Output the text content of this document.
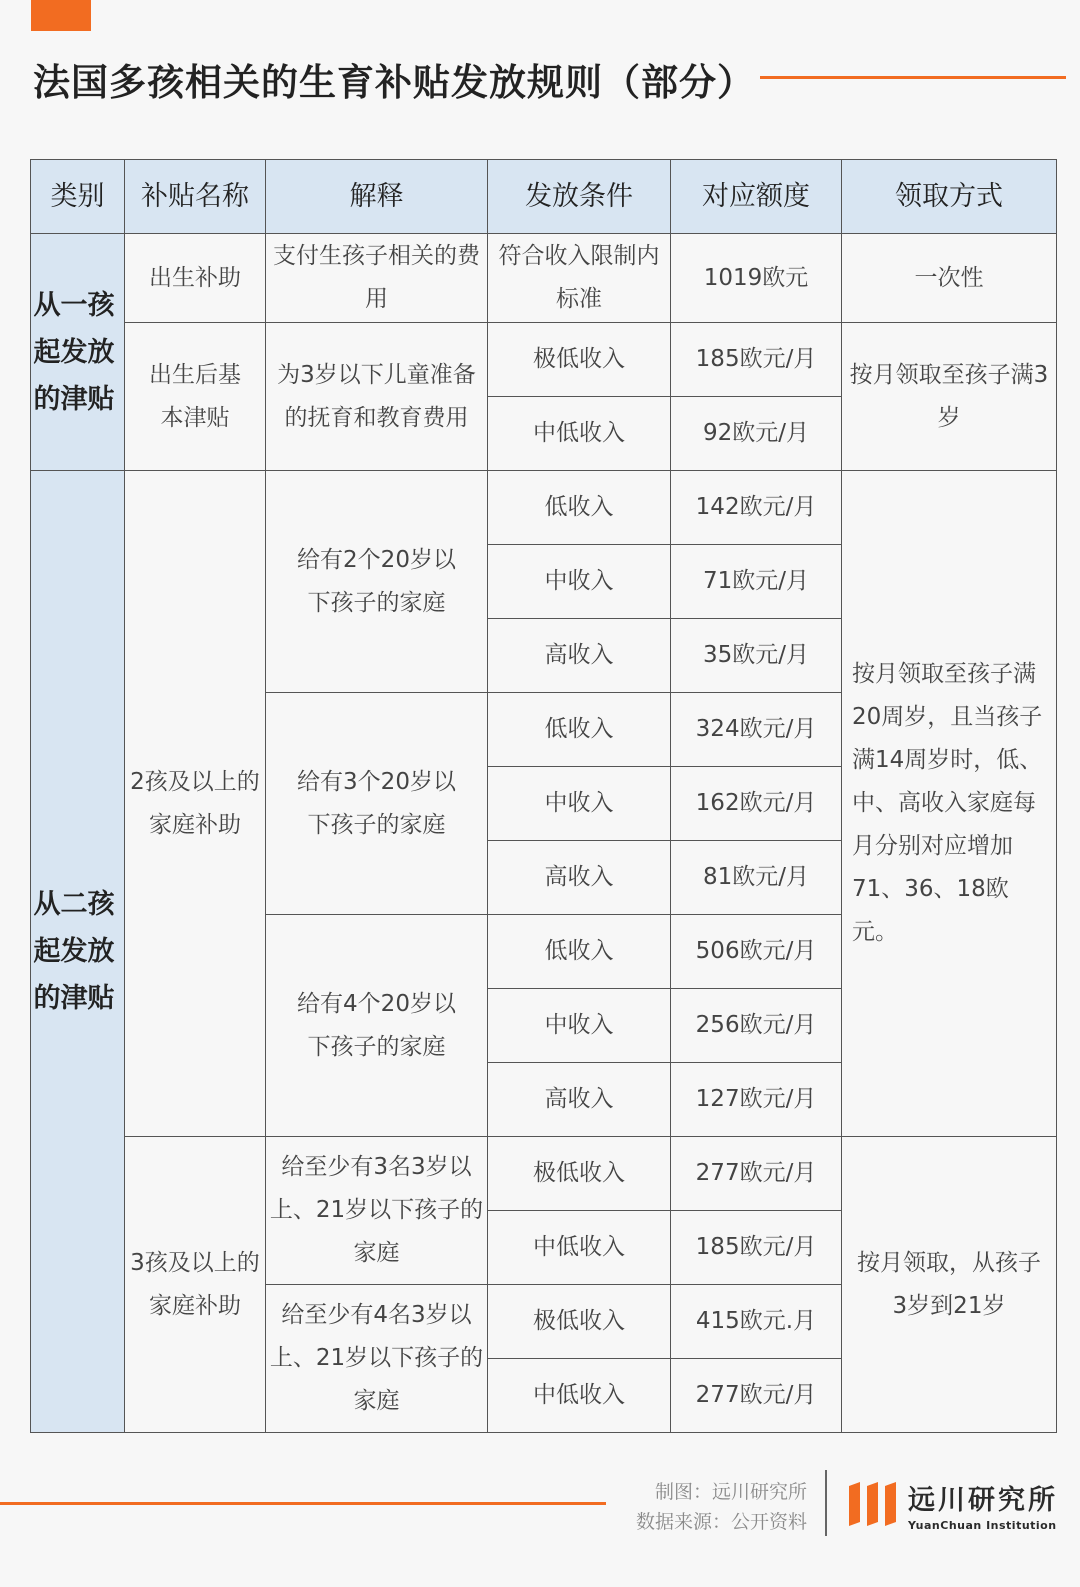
法国多孩相关的生育补贴发放规则（部分）
类别	补贴名称	解释	发放条件	对应额度	领取方式

从一孩起发放的津贴	出生补助	支付生孩子相关的费用	符合收入限制内标准	1019欧元	一次性
	出生后基本津贴	为3岁以下儿童准备的抚育和教育费用	极低收入	185欧元/月	按月领取至孩子满3岁
			中低收入	92欧元/月	

从二孩起发放的津贴	2孩及以上的家庭补助	给有2个20岁以下孩子的家庭	低收入	142欧元/月	按月领取至孩子满20周岁，且当孩子满14周岁时，低、中、高收入家庭每月分别对应增加71、36、18欧元。
			中收入	71欧元/月	
			高收入	35欧元/月	
		给有3个20岁以下孩子的家庭	低收入	324欧元/月	
			中收入	162欧元/月	
			高收入	81欧元/月	
		给有4个20岁以下孩子的家庭	低收入	506欧元/月	
			中收入	256欧元/月	
			高收入	127欧元/月	
	3孩及以上的家庭补助	给至少有3名3岁以上、21岁以下孩子的家庭	极低收入	277欧元/月	按月领取，从孩子3岁到21岁
			中低收入	185欧元/月	
		给至少有4名3岁以上、21岁以下孩子的家庭	极低收入	415欧元.月	
			中低收入	277欧元/月	
制图：远川研究所
数据来源：公开资料
远川研究所
YuanChuan Institution
